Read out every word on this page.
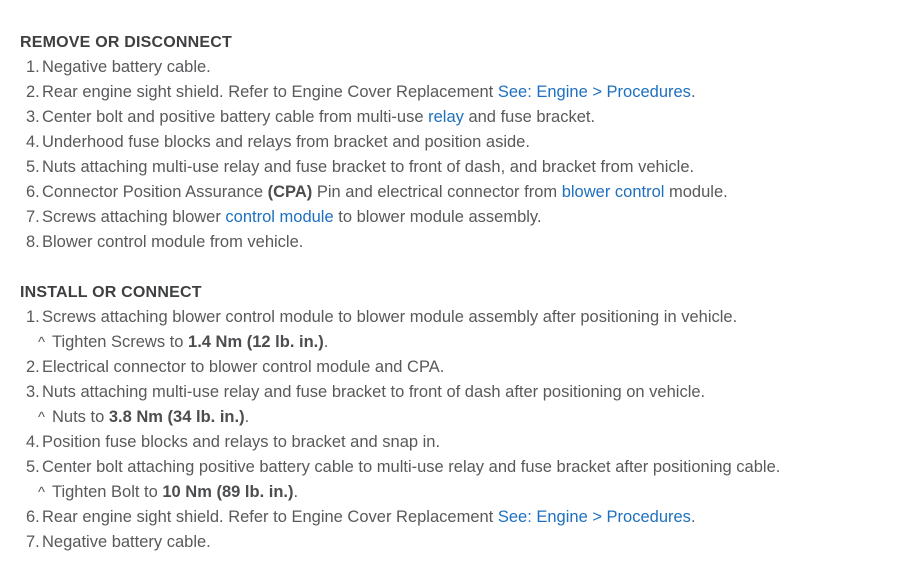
REMOVE OR DISCONNECT
1. Negative battery cable.
2. Rear engine sight shield. Refer to Engine Cover Replacement See: Engine > Procedures.
3. Center bolt and positive battery cable from multi-use relay and fuse bracket.
4. Underhood fuse blocks and relays from bracket and position aside.
5. Nuts attaching multi-use relay and fuse bracket to front of dash, and bracket from vehicle.
6. Connector Position Assurance (CPA) Pin and electrical connector from blower control module.
7. Screws attaching blower control module to blower module assembly.
8. Blower control module from vehicle.
INSTALL OR CONNECT
1. Screws attaching blower control module to blower module assembly after positioning in vehicle.
^ Tighten Screws to 1.4 Nm (12 lb. in.).
2. Electrical connector to blower control module and CPA.
3. Nuts attaching multi-use relay and fuse bracket to front of dash after positioning on vehicle.
^ Nuts to 3.8 Nm (34 lb. in.).
4. Position fuse blocks and relays to bracket and snap in.
5. Center bolt attaching positive battery cable to multi-use relay and fuse bracket after positioning cable.
^ Tighten Bolt to 10 Nm (89 lb. in.).
6. Rear engine sight shield. Refer to Engine Cover Replacement See: Engine > Procedures.
7. Negative battery cable.
